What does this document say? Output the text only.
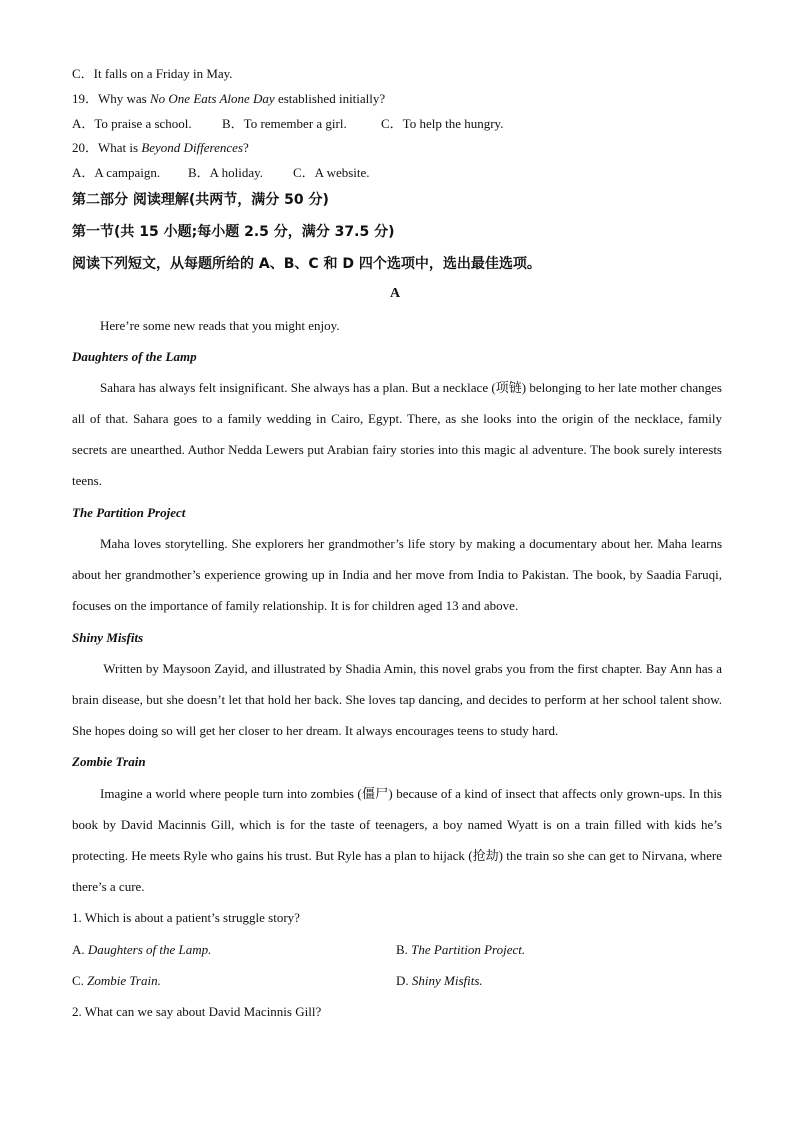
C．It falls on a Friday in May.
19．Why was No One Eats Alone Day established initially?
A．To praise a school. B．To remember a girl.	C．To help the hungry.
20．What is Beyond Differences?
A．A campaign. B．A holiday. C．A website.
第二部分 阅读理解(共两节，满分 50 分)
第一节(共 15 小题;每小题 2.5 分，满分 37.5 分)
阅读下列短文，从每题所给的 A、B、C 和 D 四个选项中，选出最佳选项。
A
Here’re some new reads that you might enjoy.
Daughters of the Lamp

Sahara has always felt insignificant. She always has a plan. But a necklace (项链) belonging to her late mother changes all of that. Sahara goes to a family wedding in Cairo, Egypt. There, as she looks into the origin of the necklace, family secrets are unearthed. Author Nedda Lewers put Arabian fairy stories into this magic al adventure. The book surely interests teens.

The Partition Project

Maha loves storytelling. She explorers her grandmother’s life story by making a documentary about her. Maha learns about her grandmother’s experience growing up in India and her move from India to Pakistan. The book, by Saadia Faruqi, focuses on the importance of family relationship. It is for children aged 13 and above.

Shiny Misfits

Written by Maysoon Zayid, and illustrated by Shadia Amin, this novel grabs you from the first chapter. Bay Ann has a brain disease, but she doesn’t let that hold her back. She loves tap dancing, and decides to perform at her school talent show. She hopes doing so will get her closer to her dream. It always encourages teens to study hard.

Zombie Train

Imagine a world where people turn into zombies (僵尸) because of a kind of insect that affects only grown-ups. In this book by David Macinnis Gill, which is for the taste of teenagers, a boy named Wyatt is on a train filled with kids he’s protecting. He meets Ryle who gains his trust. But Ryle has a plan to hijack (抢劫) the train so she can get to Nirvana, where there’s a cure.

1. Which is about a patient’s struggle story?
A. Daughters of the Lamp.	B. The Partition Project.
C. Zombie Train.	D. Shiny Misfits.
2. What can we say about David Macinnis Gill?
